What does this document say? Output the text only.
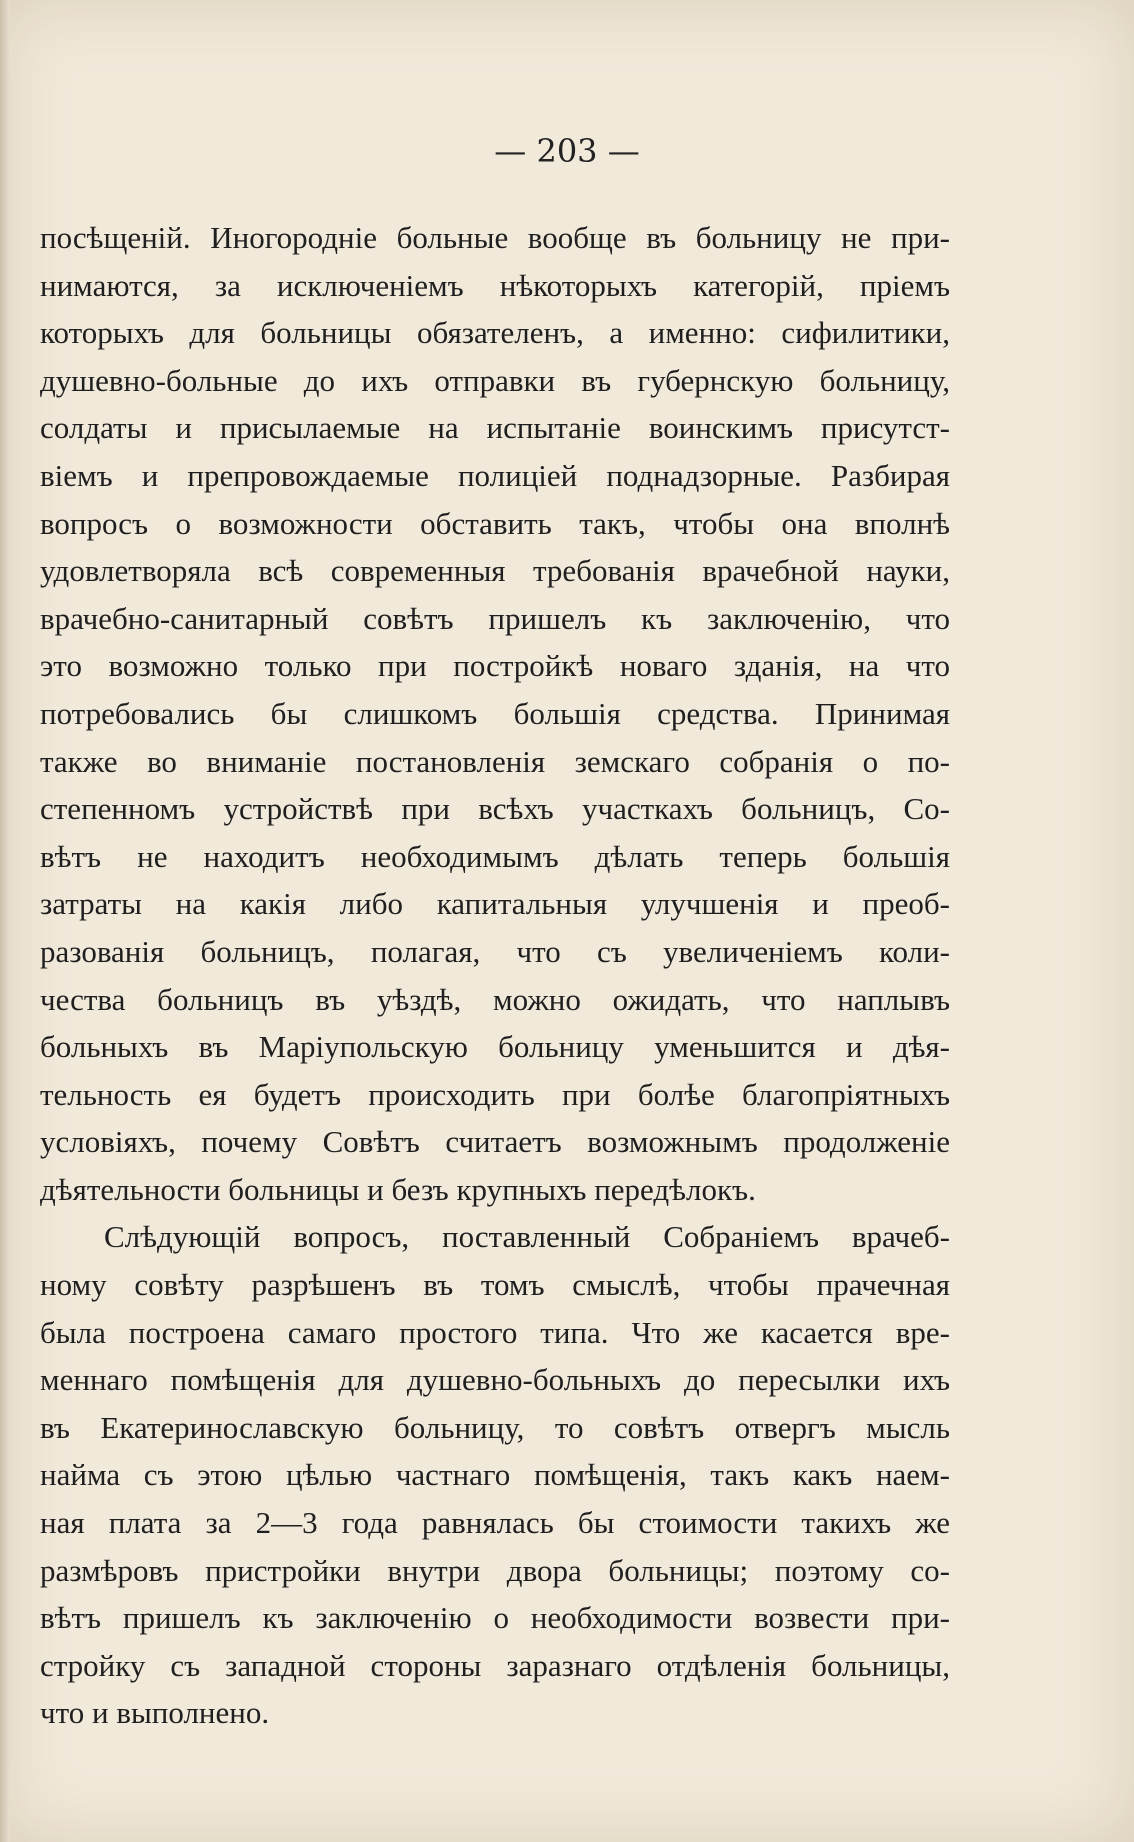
— 203 —
посѣщеній. Иногородніе больные вообще въ больницу не при-
нимаются, за исключеніемъ нѣкоторыхъ категорій, пріемъ
которыхъ для больницы обязателенъ, а именно: сифилитики,
душевно-больные до ихъ отправки въ губернскую больницу,
солдаты и присылаемые на испытаніе воинскимъ присутст-
віемъ и препровождаемые полиціей поднадзорные. Разбирая
вопросъ о возможности обставить такъ, чтобы она вполнѣ
удовлетворяла всѣ современныя требованія врачебной науки,
врачебно-санитарный совѣтъ пришелъ къ заключенію, что
это возможно только при постройкѣ новаго зданія, на что
потребовались бы слишкомъ большія средства. Принимая
также во вниманіе постановленія земскаго собранія о по-
степенномъ устройствѣ при всѣхъ участкахъ больницъ, Со-
вѣтъ не находитъ необходимымъ дѣлать теперь большія
затраты на какія либо капитальныя улучшенія и преоб-
разованія больницъ, полагая, что съ увеличеніемъ коли-
чества больницъ въ уѣздѣ, можно ожидать, что наплывъ
больныхъ въ Маріупольскую больницу уменьшится и дѣя-
тельность ея будетъ происходить при болѣе благопріятныхъ
условіяхъ, почему Совѣтъ считаетъ возможнымъ продолженіе
дѣятельности больницы и безъ крупныхъ передѣлокъ.
Слѣдующій вопросъ, поставленный Собраніемъ врачеб-
ному совѣту разрѣшенъ въ томъ смыслѣ, чтобы прачечная
была построена самаго простого типа. Что же касается вре-
меннаго помѣщенія для душевно-больныхъ до пересылки ихъ
въ Екатеринославскую больницу, то совѣтъ отвергъ мысль
найма съ этою цѣлью частнаго помѣщенія, такъ какъ наем-
ная плата за 2—3 года равнялась бы стоимости такихъ же
размѣровъ пристройки внутри двора больницы; поэтому со-
вѣтъ пришелъ къ заключенію о необходимости возвести при-
стройку съ западной стороны заразнаго отдѣленія больницы,
что и выполнено.
